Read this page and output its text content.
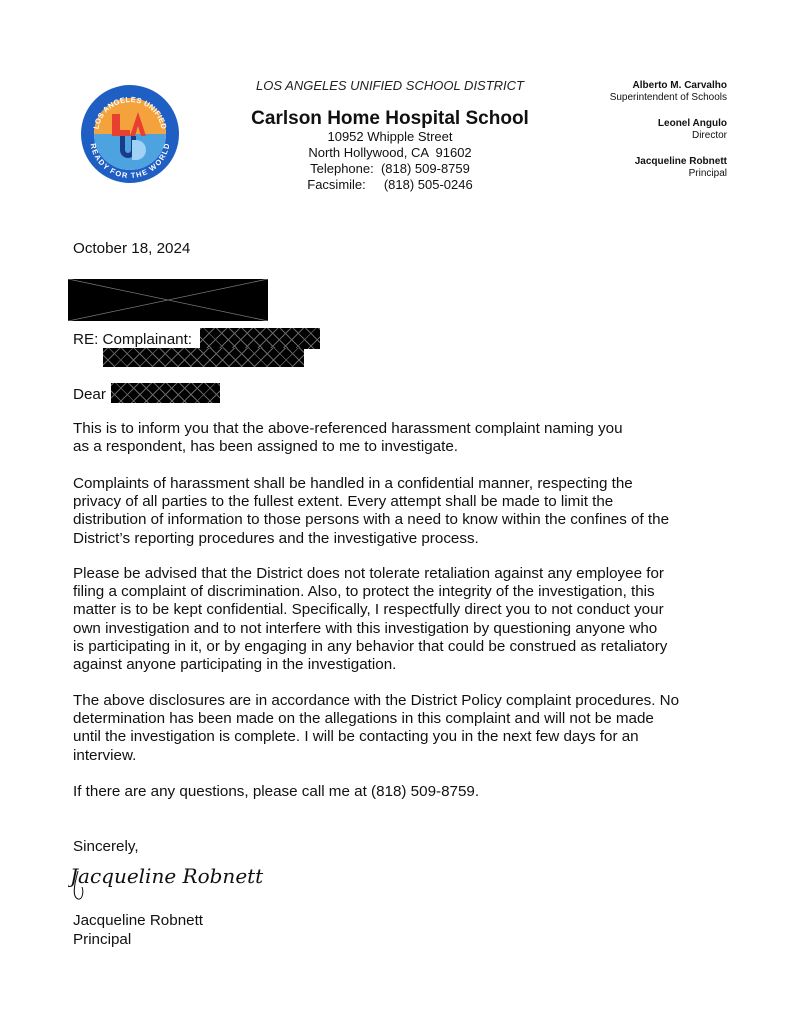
LOS ANGELES UNIFIED
READY FOR THE WORLD
LOS ANGELES UNIFIED SCHOOL DISTRICT
Carlson Home Hospital School
10952 Whipple Street
North Hollywood, CA  91602
Telephone:  (818) 509-8759
Facsimile:     (818) 505-0246
Alberto M. Carvalho
Superintendent of Schools
Leonel Angulo
Director
Jacqueline Robnett
Principal
October 18, 2024
RE: Complainant:
Dear

This is to inform you that the above-referenced harassment complaint naming you

as a respondent, has been assigned to me to investigate.

Complaints of harassment shall be handled in a confidential manner, respecting the

privacy of all parties to the fullest extent. Every attempt shall be made to limit the

distribution of information to those persons with a need to know within the confines of the

District’s reporting procedures and the investigative process.

Please be advised that the District does not tolerate retaliation against any employee for

filing a complaint of discrimination. Also, to protect the integrity of the investigation, this

matter is to be kept confidential. Specifically, I respectfully direct you to not conduct your

own investigation and to not interfere with this investigation by questioning anyone who

is participating in it, or by engaging in any behavior that could be construed as retaliatory

against anyone participating in the investigation.

The above disclosures are in accordance with the District Policy complaint procedures. No

determination has been made on the allegations in this complaint and will not be made

until the investigation is complete. I will be contacting you in the next few days for an

interview.

If there are any questions, please call me at (818) 509-8759.

Sincerely,
Jacqueline Robnett
Jacqueline Robnett
Principal
